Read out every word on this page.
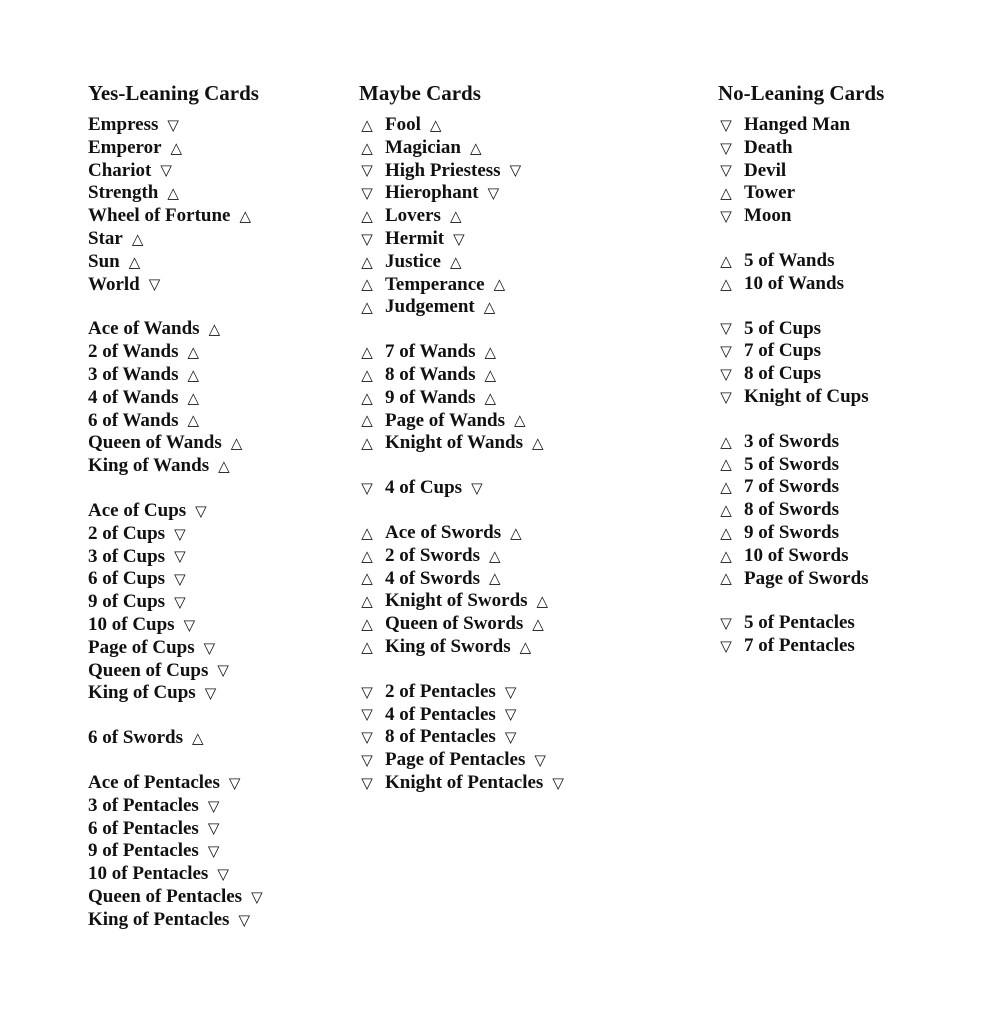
Yes-Leaning Cards
Empress ▽
Emperor △
Chariot ▽
Strength △
Wheel of Fortune △
Star △
Sun △
World ▽
Ace of Wands △
2 of Wands △
3 of Wands △
4 of Wands △
6 of Wands △
Queen of Wands △
King of Wands △
Ace of Cups ▽
2 of Cups ▽
3 of Cups ▽
6 of Cups ▽
9 of Cups ▽
10 of Cups ▽
Page of Cups ▽
Queen of Cups ▽
King of Cups ▽
6 of Swords △
Ace of Pentacles ▽
3 of Pentacles ▽
6 of Pentacles ▽
9 of Pentacles ▽
10 of Pentacles ▽
Queen of Pentacles ▽
King of Pentacles ▽
Maybe Cards
△ Fool △
△ Magician △
▽ High Priestess ▽
▽ Hierophant ▽
△ Lovers △
▽ Hermit ▽
△ Justice △
△ Temperance △
△ Judgement △
△ 7 of Wands △
△ 8 of Wands △
△ 9 of Wands △
△ Page of Wands △
△ Knight of Wands △
▽ 4 of Cups ▽
△ Ace of Swords △
△ 2 of Swords △
△ 4 of Swords △
△ Knight of Swords △
△ Queen of Swords △
△ King of Swords △
▽ 2 of Pentacles ▽
▽ 4 of Pentacles ▽
▽ 8 of Pentacles ▽
▽ Page of Pentacles ▽
▽ Knight of Pentacles ▽
No-Leaning Cards
▽ Hanged Man
▽ Death
▽ Devil
△ Tower
▽ Moon
△ 5 of Wands
△ 10 of Wands
▽ 5 of Cups
▽ 7 of Cups
▽ 8 of Cups
▽ Knight of Cups
△ 3 of Swords
△ 5 of Swords
△ 7 of Swords
△ 8 of Swords
△ 9 of Swords
△ 10 of Swords
△ Page of Swords
▽ 5 of Pentacles
▽ 7 of Pentacles
